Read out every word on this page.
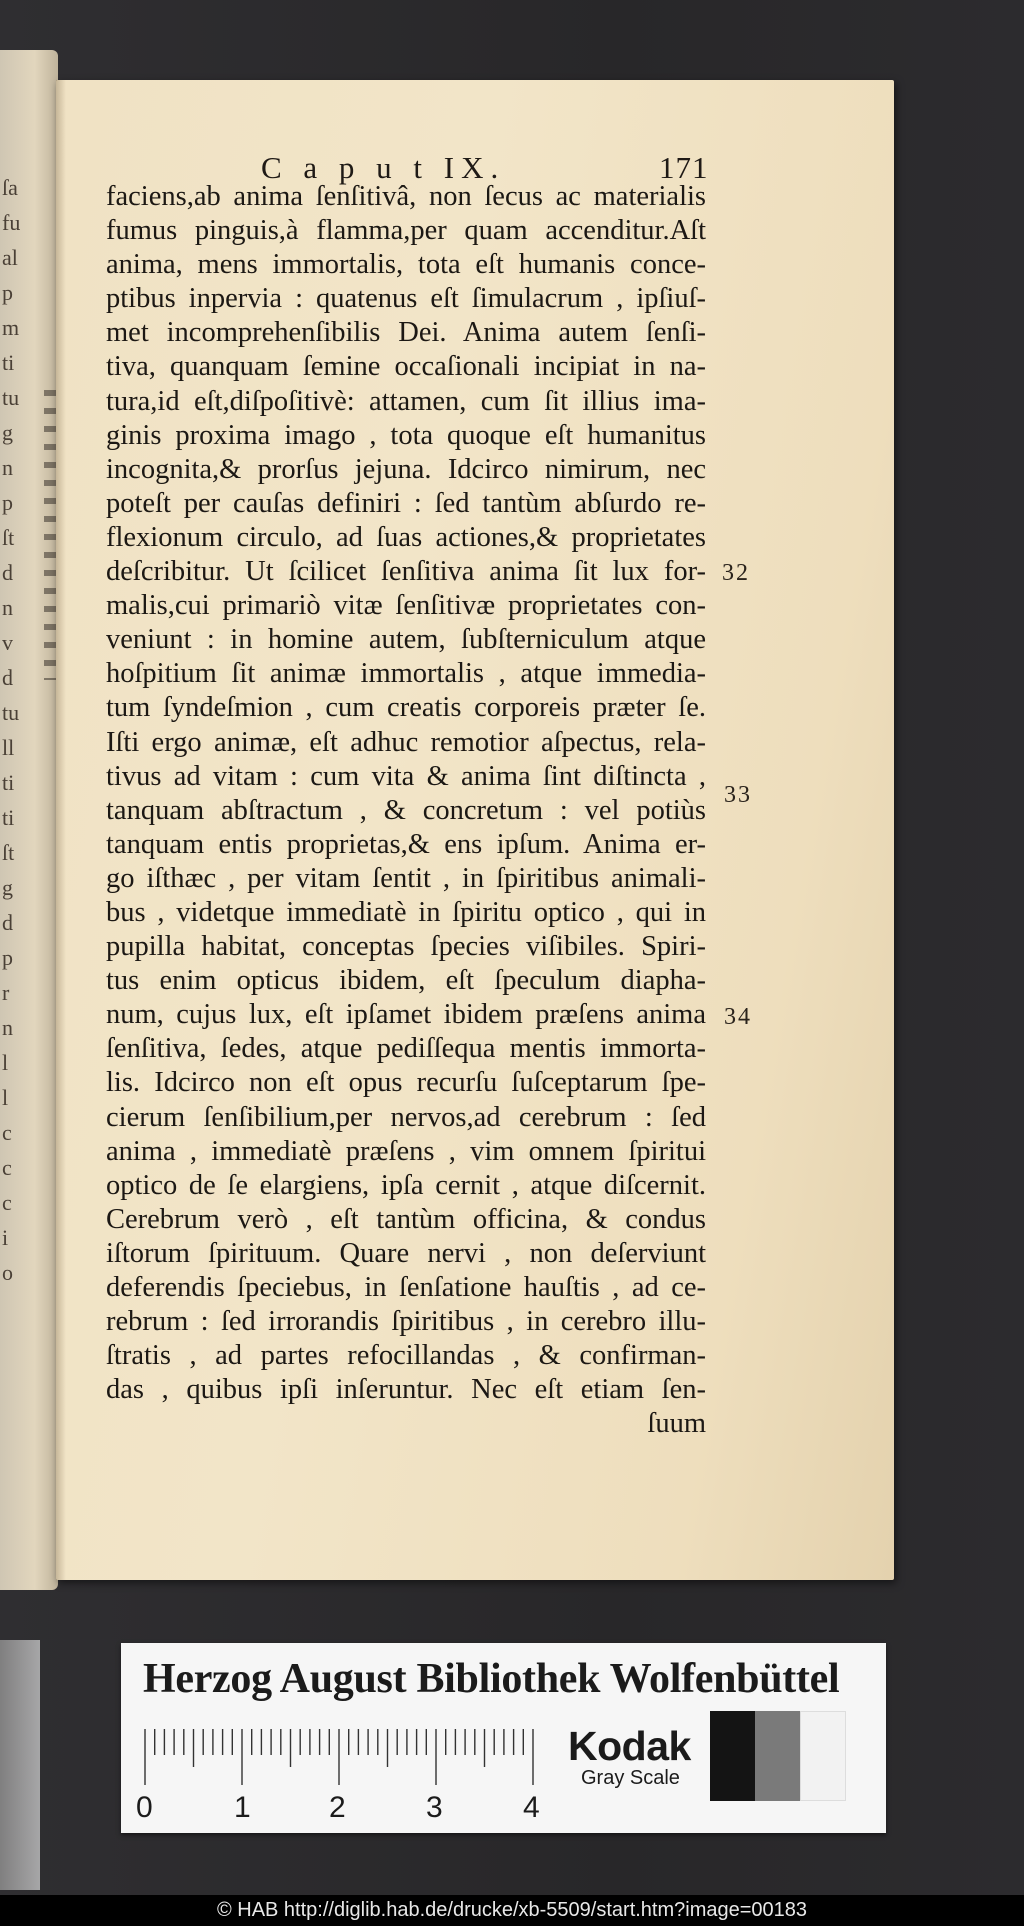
ſa
fu
al
p
m
ti
tu
g
n
p
ſt
d
n
v
d
tu
ll
ti
ti
ſt
g
d
p
r
n
l
l
c
c
c
i
o
C a p u t IX.	171
faciens,ab anima ſenſitivâ, non ſecus ac materialis
fumus pinguis,à flamma,per quam accenditur.Aſt
anima, mens immortalis, tota eſt humanis conce-
ptibus inpervia : quatenus eſt ſimulacrum , ipſiuſ-
met incomprehenſibilis Dei. Anima autem ſenſi-
tiva, quanquam ſemine occaſionali incipiat in na-
tura,id eſt,diſpoſitivè: attamen, cum ſit illius ima-
ginis proxima imago , tota quoque eſt humanitus
incognita,& prorſus jejuna. Idcirco nimirum, nec
poteſt per cauſas definiri : ſed tantùm abſurdo re-
flexionum circulo, ad ſuas actiones,& proprietates
deſcribitur. Ut ſcilicet ſenſitiva anima ſit lux for-
malis,cui primariò vitæ ſenſitivæ proprietates con-
veniunt : in homine autem, ſubſterniculum atque
hoſpitium ſit animæ immortalis , atque immedia-
tum ſyndeſmion , cum creatis corporeis præter ſe.
Iſti ergo animæ, eſt adhuc remotior aſpectus, rela-
tivus ad vitam : cum vita & anima ſint diſtincta ,
tanquam abſtractum , & concretum : vel potiùs
tanquam entis proprietas,& ens ipſum. Anima er-
go iſthæc , per vitam ſentit , in ſpiritibus animali-
bus , videtque immediatè in ſpiritu optico , qui in
pupilla habitat, conceptas ſpecies viſibiles. Spiri-
tus enim opticus ibidem, eſt ſpeculum diapha-
num, cujus lux, eſt ipſamet ibidem præſens anima
ſenſitiva, ſedes, atque pediſſequa mentis immorta-
lis. Idcirco non eſt opus recurſu ſuſceptarum ſpe-
cierum ſenſibilium,per nervos,ad cerebrum : ſed
anima , immediatè præſens , vim omnem ſpiritui
optico de ſe elargiens, ipſa cernit , atque diſcernit.
Cerebrum verò , eſt tantùm officina, & condus
iſtorum ſpirituum. Quare nervi , non deſerviunt
deferendis ſpeciebus, in ſenſatione hauſtis , ad ce-
rebrum : ſed irrorandis ſpiritibus , in cerebro illu-
ſtratis , ad partes refocillandas , & confirman-
das , quibus ipſi inſeruntur. Nec eſt etiam ſen-
ſuum
32
33
34
Herzog August Bibliothek Wolfenbüttel
0	1	2	3	4
Kodak
Gray Scale
© HAB http://diglib.hab.de/drucke/xb-5509/start.htm?image=00183
